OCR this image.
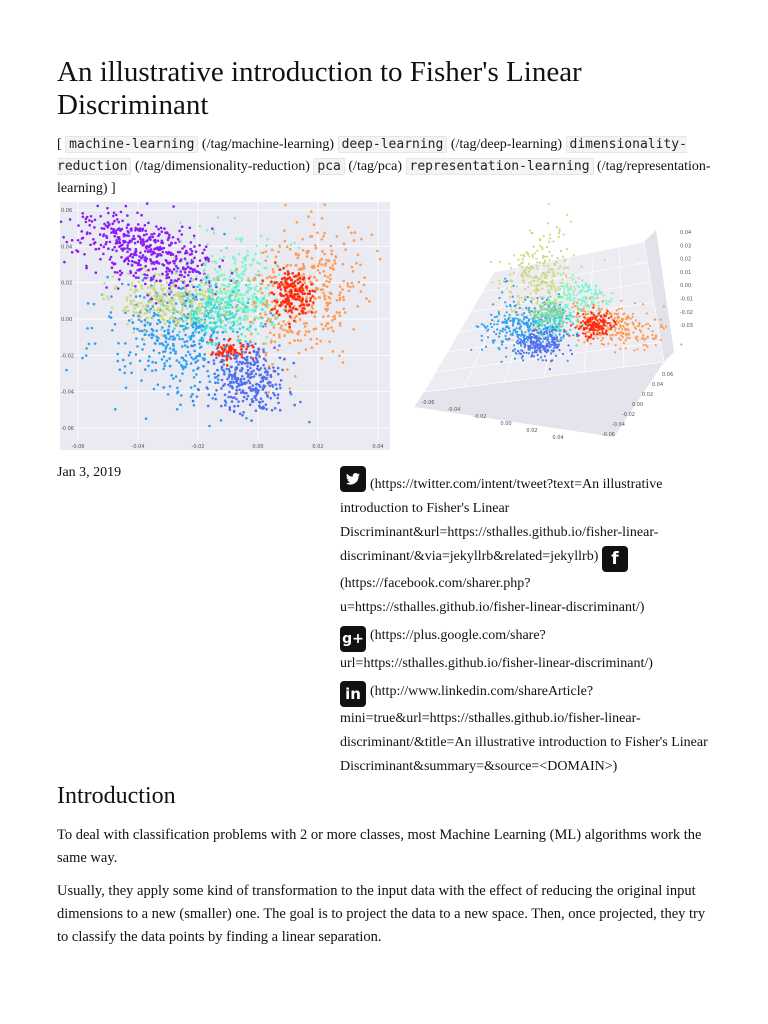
An illustrative introduction to Fisher's Linear Discriminant
[ machine-learning (/tag/machine-learning) deep-learning (/tag/deep-learning) dimensionality-reduction (/tag/dimensionality-reduction) pca (/tag/pca) representation-learning (/tag/representation-learning) ]
-0.06	-0.04	-0.02	0.00	0.02	0.04
0.06
0.04
0.02
0.00
-0.02
-0.04
-0.06
0.04
0.03
0.02
0.01
0.00
-0.01
-0.02
-0.03
-0.06
-0.04
-0.02
0.00
0.02
0.04
0.06
0.04
0.02
0.00
-0.02
-0.04
-0.06
Jan 3, 2019
(https://twitter.com/intent/tweet?text=An illustrative introduction to Fisher's Linear Discriminant&url=https://sthalles.github.io/fisher-linear-discriminant/&via=jekyllrb&related=jekyllrb) f
(https://facebook.com/sharer.php?u=https://sthalles.github.io/fisher-linear-discriminant/)
g+ (https://plus.google.com/share?url=https://sthalles.github.io/fisher-linear-discriminant/)
in (http://www.linkedin.com/shareArticle?mini=true&url=https://sthalles.github.io/fisher-linear-discriminant/&title=An illustrative introduction to Fisher's Linear Discriminant&summary=&source=<DOMAIN>)
Introduction

To deal with classification problems with 2 or more classes, most Machine Learning (ML) algorithms work the same way.

Usually, they apply some kind of transformation to the input data with the effect of reducing the original input dimensions to a new (smaller) one. The goal is to project the data to a new space. Then, once projected, they try to classify the data points by finding a linear separation.
